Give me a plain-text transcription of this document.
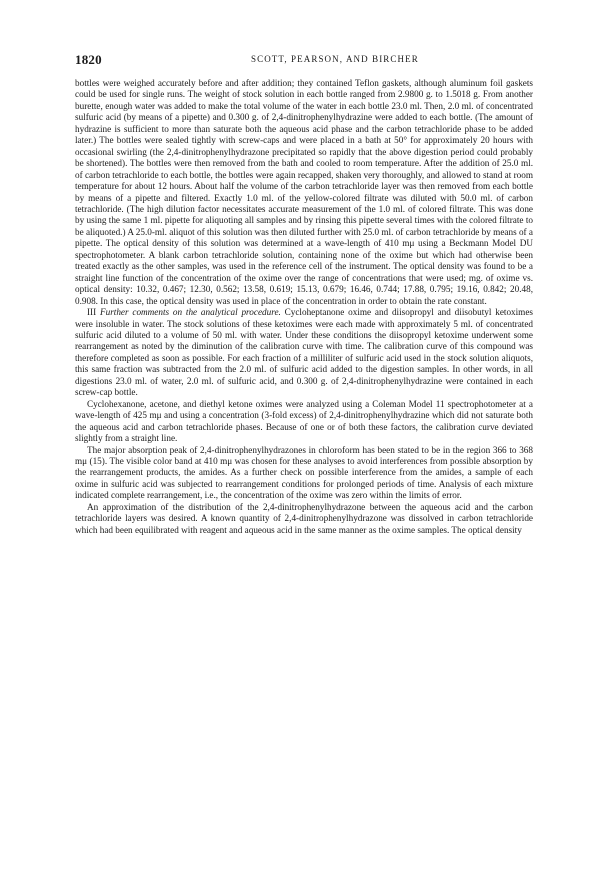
1820	SCOTT, PEARSON, AND BIRCHER

bottles were weighed accurately before and after addition; they contained Teflon gaskets, although aluminum foil gaskets could be used for single runs. The weight of stock solution in each bottle ranged from 2.9800 g. to 1.5018 g. From another burette, enough water was added to make the total volume of the water in each bottle 23.0 ml. Then, 2.0 ml. of concentrated sulfuric acid (by means of a pipette) and 0.300 g. of 2,4-dinitrophenylhydrazine were added to each bottle. (The amount of hydrazine is sufficient to more than saturate both the aqueous acid phase and the carbon tetrachloride phase to be added later.) The bottles were sealed tightly with screw-caps and were placed in a bath at 50° for approximately 20 hours with occasional swirling (the 2,4-dinitrophenylhydrazone precipitated so rapidly that the above digestion period could probably be shortened). The bottles were then removed from the bath and cooled to room temperature. After the addition of 25.0 ml. of carbon tetrachloride to each bottle, the bottles were again recapped, shaken very thoroughly, and allowed to stand at room temperature for about 12 hours. About half the volume of the carbon tetrachloride layer was then removed from each bottle by means of a pipette and filtered. Exactly 1.0 ml. of the yellow-colored filtrate was diluted with 50.0 ml. of carbon tetrachloride. (The high dilution factor necessitates accurate measurement of the 1.0 ml. of colored filtrate. This was done by using the same 1 ml. pipette for aliquoting all samples and by rinsing this pipette several times with the colored filtrate to be aliquoted.) A 25.0-ml. aliquot of this solution was then diluted further with 25.0 ml. of carbon tetrachloride by means of a pipette. The optical density of this solution was determined at a wave-length of 410 mμ using a Beckmann Model DU spectrophotometer. A blank carbon tetrachloride solution, containing none of the oxime but which had otherwise been treated exactly as the other samples, was used in the reference cell of the instrument. The optical density was found to be a straight line function of the concentration of the oxime over the range of concentrations that were used; mg. of oxime vs. optical density: 10.32, 0.467; 12.30, 0.562; 13.58, 0.619; 15.13, 0.679; 16.46, 0.744; 17.88, 0.795; 19.16, 0.842; 20.48, 0.908. In this case, the optical density was used in place of the concentration in order to obtain the rate constant.

III Further comments on the analytical procedure. Cycloheptanone oxime and diisopropyl and diisobutyl ketoximes were insoluble in water. The stock solutions of these ketoximes were each made with approximately 5 ml. of concentrated sulfuric acid diluted to a volume of 50 ml. with water. Under these conditions the diisopropyl ketoxime underwent some rearrangement as noted by the diminution of the calibration curve with time. The calibration curve of this compound was therefore completed as soon as possible. For each fraction of a milliliter of sulfuric acid used in the stock solution aliquots, this same fraction was subtracted from the 2.0 ml. of sulfuric acid added to the digestion samples. In other words, in all digestions 23.0 ml. of water, 2.0 ml. of sulfuric acid, and 0.300 g. of 2,4-dinitrophenylhydrazine were contained in each screw-cap bottle.

Cyclohexanone, acetone, and diethyl ketone oximes were analyzed using a Coleman Model 11 spectrophotometer at a wave-length of 425 mμ and using a concentration (3-fold excess) of 2,4-dinitrophenylhydrazine which did not saturate both the aqueous acid and carbon tetrachloride phases. Because of one or of both these factors, the calibration curve deviated slightly from a straight line.

The major absorption peak of 2,4-dinitrophenylhydrazones in chloroform has been stated to be in the region 366 to 368 mμ (15). The visible color band at 410 mμ was chosen for these analyses to avoid interferences from possible absorption by the rearrangement products, the amides. As a further check on possible interference from the amides, a sample of each oxime in sulfuric acid was subjected to rearrangement conditions for prolonged periods of time. Analysis of each mixture indicated complete rearrangement, i.e., the concentration of the oxime was zero within the limits of error.

An approximation of the distribution of the 2,4-dinitrophenylhydrazone between the aqueous acid and the carbon tetrachloride layers was desired. A known quantity of 2,4-dinitrophenylhydrazone was dissolved in carbon tetrachloride which had been equilibrated with reagent and aqueous acid in the same manner as the oxime samples. The optical density
